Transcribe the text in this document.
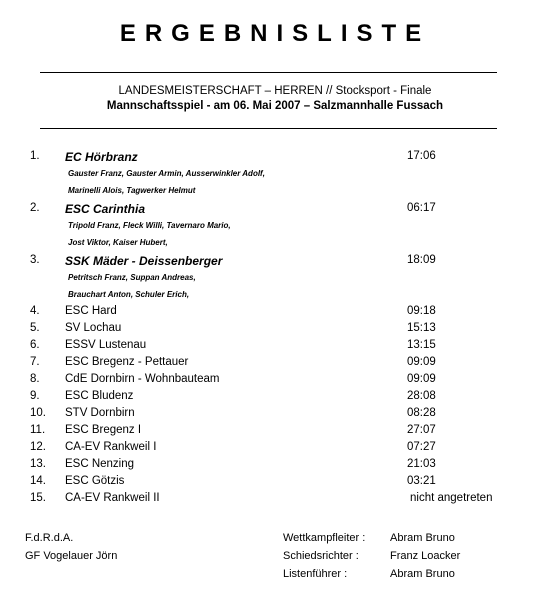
ERGEBNISLISTE
LANDESMEISTERSCHAFT – HERREN // Stocksport - Finale
Mannschaftsspiel - am 06. Mai 2007 – Salzmannhalle Fussach
1. EC Hörbranz	17:06
Gauster Franz, Gauster Armin, Ausserwinkler Adolf,
Marinelli Alois, Tagwerker Helmut
2. ESC Carinthia	06:17
Tripold Franz, Fleck Willi, Tavernaro Mario,
Jost Viktor, Kaiser Hubert,
3. SSK Mäder - Deissenberger	18:09
Petritsch Franz, Suppan Andreas,
Brauchart Anton, Schuler Erich,
4. ESC Hard	09:18
5. SV Lochau	15:13
6. ESSV Lustenau	13:15
7. ESC Bregenz - Pettauer	09:09
8. CdE Dornbirn - Wohnbauteam	09:09
9. ESC Bludenz	28:08
10. STV Dornbirn	08:28
11. ESC Bregenz I	27:07
12. CA-EV Rankweil I	07:27
13. ESC Nenzing	21:03
14. ESC Götzis	03:21
15. CA-EV Rankweil II	nicht angetreten
F.d.R.d.A.
GF Vogelauer Jörn
Wettkampfleiter : Abram Bruno
Schiedsrichter :	Franz Loacker
Listenführer :	Abram Bruno
